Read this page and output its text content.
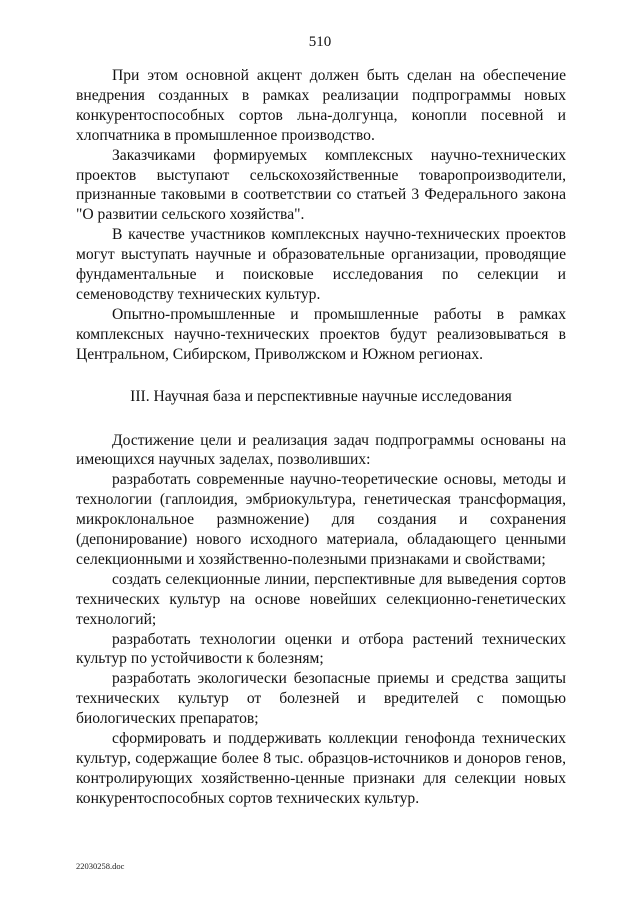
510

При этом основной акцент должен быть сделан на обеспечение внедрения созданных в рамках реализации подпрограммы новых конкурентоспособных сортов льна-долгунца, конопли посевной и хлопчатника в промышленное производство.

Заказчиками формируемых комплексных научно-технических проектов выступают сельскохозяйственные товаропроизводители, признанные таковыми в соответствии со статьей 3 Федерального закона "О развитии сельского хозяйства".

В качестве участников комплексных научно-технических проектов могут выступать научные и образовательные организации, проводящие фундаментальные и поисковые исследования по селекции и семеноводству технических культур.

Опытно-промышленные и промышленные работы в рамках комплексных научно-технических проектов будут реализовываться в Центральном, Сибирском, Приволжском и Южном регионах.

III. Научная база и перспективные научные исследования

Достижение цели и реализация задач подпрограммы основаны на имеющихся научных заделах, позволивших:

разработать современные научно-теоретические основы, методы и технологии (гаплоидия, эмбриокультура, генетическая трансформация, микроклональное размножение) для создания и сохранения (депонирование) нового исходного материала, обладающего ценными селекционными и хозяйственно-полезными признаками и свойствами;

создать селекционные линии, перспективные для выведения сортов технических культур на основе новейших селекционно-генетических технологий;

разработать технологии оценки и отбора растений технических культур по устойчивости к болезням;

разработать экологически безопасные приемы и средства защиты технических культур от болезней и вредителей с помощью биологических препаратов;

сформировать и поддерживать коллекции генофонда технических культур, содержащие более 8 тыс. образцов-источников и доноров генов, контролирующих хозяйственно-ценные признаки для селекции новых конкурентоспособных сортов технических культур.

22030258.doc
